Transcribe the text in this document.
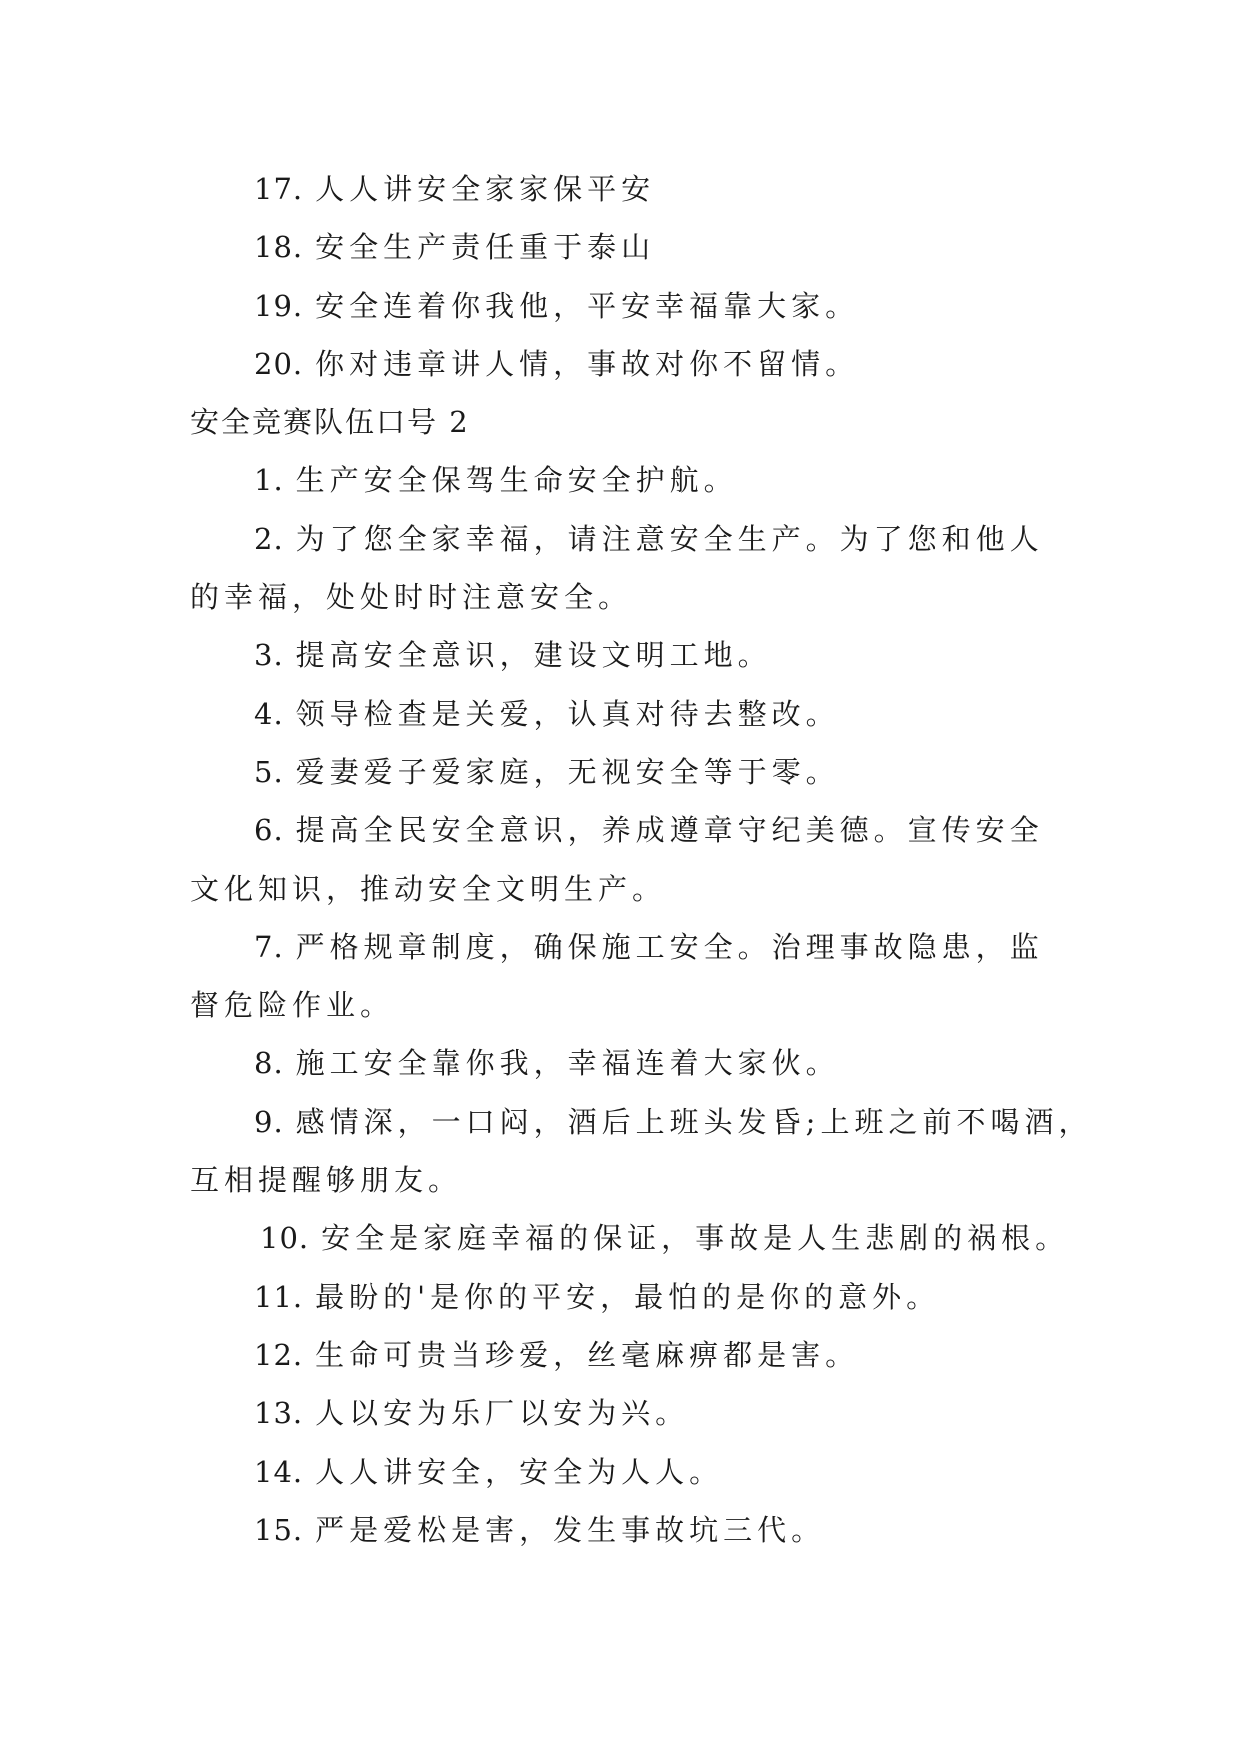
17. 人人讲安全家家保平安
18. 安全生产责任重于泰山
19. 安全连着你我他，平安幸福靠大家。
20. 你对违章讲人情，事故对你不留情。
安全竞赛队伍口号 2
1. 生产安全保驾生命安全护航。
2. 为了您全家幸福，请注意安全生产。为了您和他人
的幸福，处处时时注意安全。
3. 提高安全意识，建设文明工地。
4. 领导检查是关爱，认真对待去整改。
5. 爱妻爱子爱家庭，无视安全等于零。
6. 提高全民安全意识，养成遵章守纪美德。宣传安全
文化知识，推动安全文明生产。
7. 严格规章制度，确保施工安全。治理事故隐患，监
督危险作业。
8. 施工安全靠你我，幸福连着大家伙。
9. 感情深，一口闷，酒后上班头发昏;上班之前不喝酒，
互相提醒够朋友。
10. 安全是家庭幸福的保证，事故是人生悲剧的祸根。
11. 最盼的'是你的平安，最怕的是你的意外。
12. 生命可贵当珍爱，丝毫麻痹都是害。
13. 人以安为乐厂以安为兴。
14. 人人讲安全，安全为人人。
15. 严是爱松是害，发生事故坑三代。
